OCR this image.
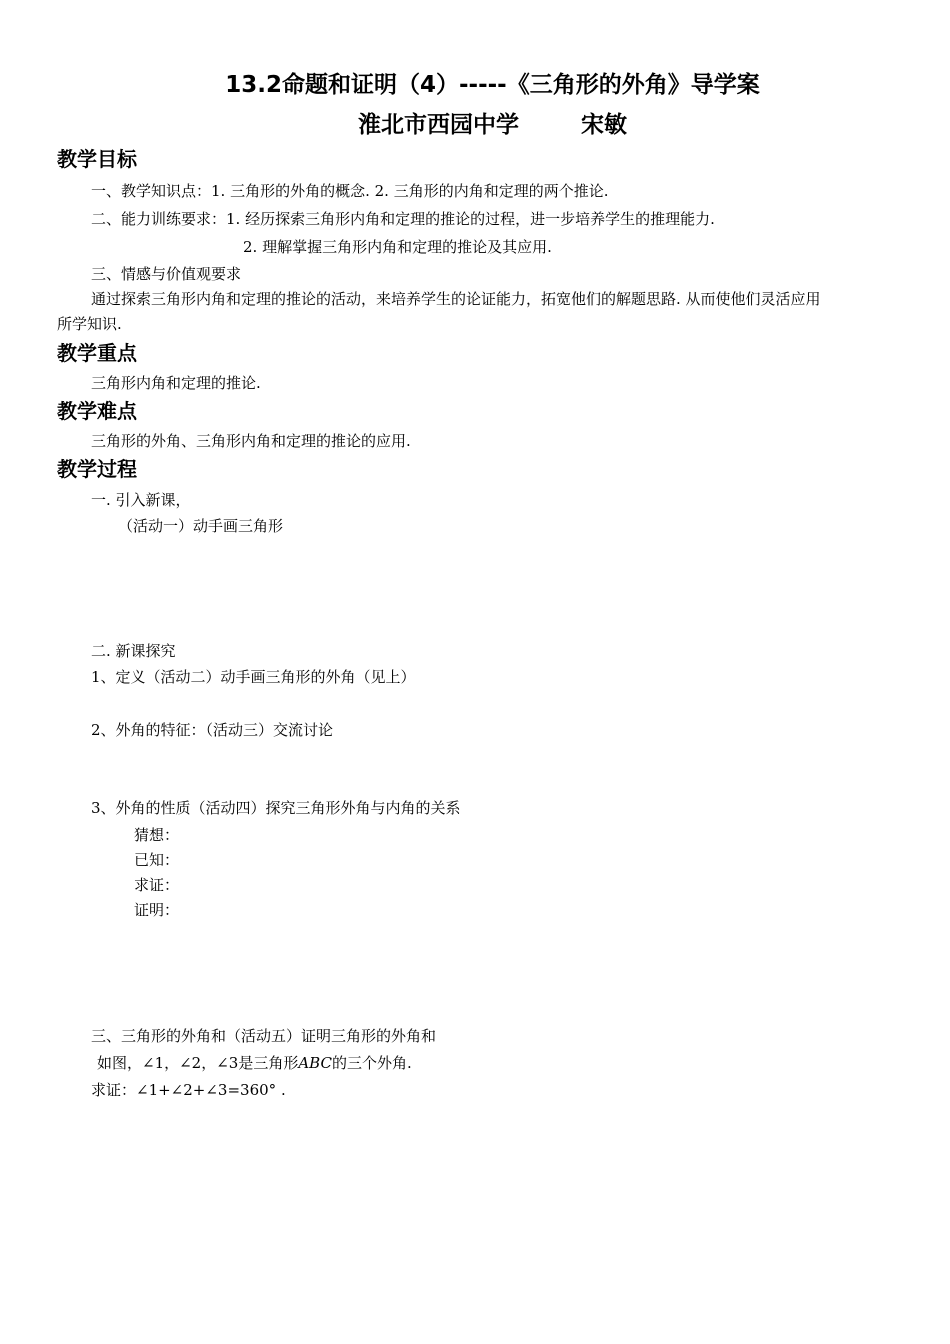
13.2命题和证明（4）-----《三角形的外角》导学案
淮北市西园中学	宋敏
教学目标
一、教学知识点：1. 三角形的外角的概念. 2. 三角形的内角和定理的两个推论.
二、能力训练要求：1. 经历探索三角形内角和定理的推论的过程，进一步培养学生的推理能力.
2. 理解掌握三角形内角和定理的推论及其应用.
三、情感与价值观要求
通过探索三角形内角和定理的推论的活动，来培养学生的论证能力，拓宽他们的解题思路. 从而使他们灵活应用
所学知识.
教学重点
三角形内角和定理的推论.
教学难点
三角形的外角、三角形内角和定理的推论的应用.
教学过程
一. 引入新课，
（活动一）动手画三角形
二. 新课探究
1、定义（活动二）动手画三角形的外角（见上）
2、外角的特征：（活动三）交流讨论
3、外角的性质（活动四）探究三角形外角与内角的关系
猜想：
已知：
求证：
证明：
三、三角形的外角和（活动五）证明三角形的外角和
如图，∠1，∠2，∠3是三角形ABC的三个外角.
求证：∠1+∠2+∠3=360° .
